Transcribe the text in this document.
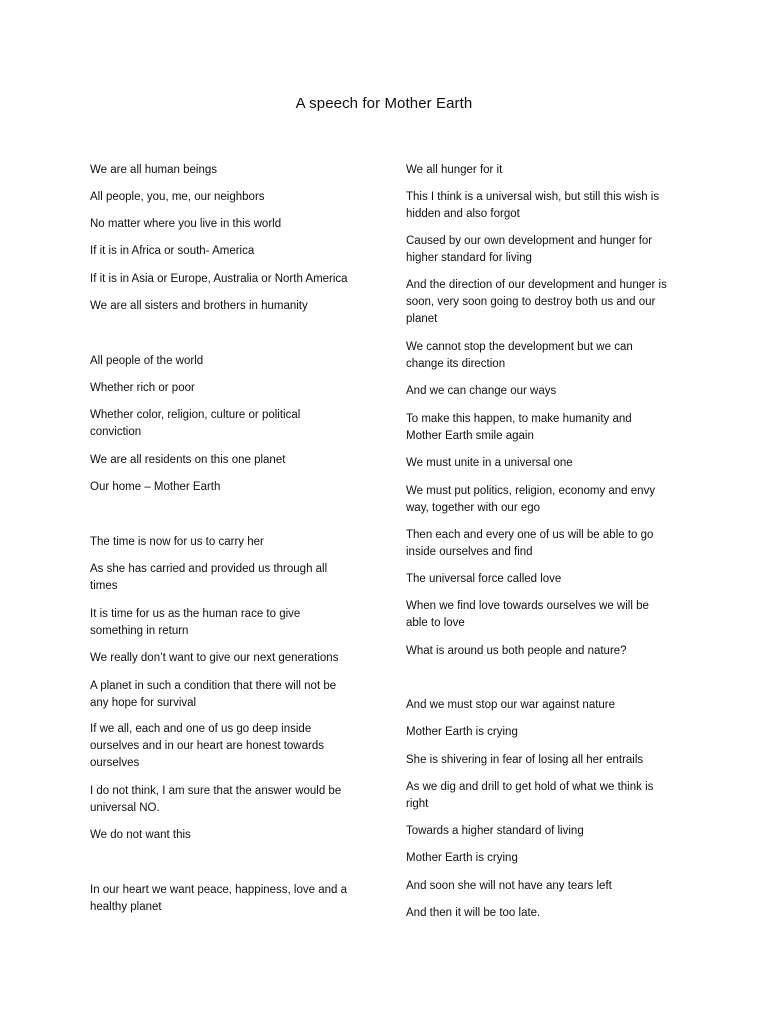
A speech for Mother Earth

We are all human beings

All people, you, me, our neighbors

No matter where you live in this world

If it is in Africa or south- America

If it is in Asia or Europe, Australia or North America

We are all sisters and brothers in humanity

All people of the world

Whether rich or poor

Whether color, religion, culture or political

conviction

We are all residents on this one planet

Our home – Mother Earth

The time is now for us to carry her

As she has carried and provided us through all

times

It is time for us as the human race to give

something in return

We really don’t want to give our next generations

A planet in such a condition that there will not be

any hope for survival

If we all, each and one of us go deep inside

ourselves and in our heart are honest towards

ourselves

I do not think, I am sure that the answer would be

universal NO.

We do not want this

In our heart we want peace, happiness, love and a

healthy planet

We all hunger for it

This I think is a universal wish, but still this wish is

hidden and also forgot

Caused by our own development and hunger for

higher standard for living

And the direction of our development and hunger is

soon, very soon going to destroy both us and our

planet

We cannot stop the development but we can

change its direction

And we can change our ways

To make this happen, to make humanity and

Mother Earth smile again

We must unite in a universal one

We must put politics, religion, economy and envy

way, together with our ego

Then each and every one of us will be able to go

inside ourselves and find

The universal force called love

When we find love towards ourselves we will be

able to love

What is around us both people and nature?

And we must stop our war against nature

Mother Earth is crying

She is shivering in fear of losing all her entrails

As we dig and drill to get hold of what we think is

right

Towards a higher standard of living

Mother Earth is crying

And soon she will not have any tears left

And then it will be too late.
